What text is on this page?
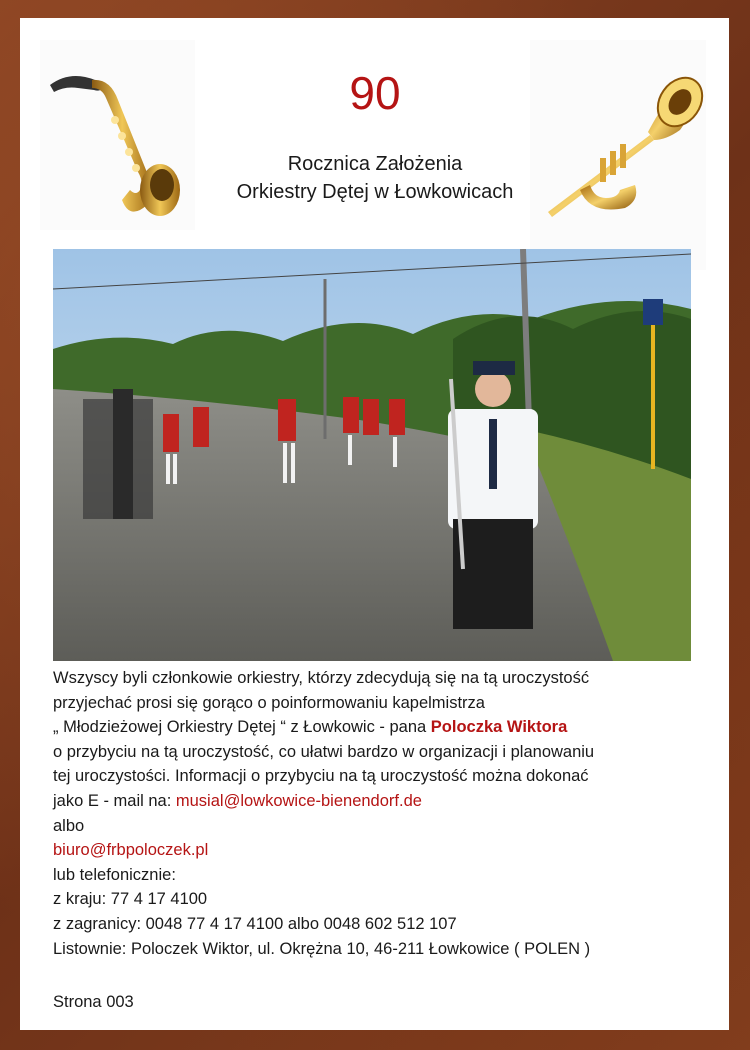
90
Rocznica Założenia
Orkiestry Dętej w Łowkowicach
Wszyscy byli członkowie orkiestry, którzy zdecydują się na tą uroczystość
przyjechać prosi się gorąco o poinformowaniu kapelmistrza
„ Młodzieżowej Orkiestry Dętej “ z Łowkowic - pana Poloczka Wiktora
o przybyciu na tą uroczystość, co ułatwi bardzo w organizacji i planowaniu
tej uroczystości. Informacji o przybyciu na tą uroczystość można dokonać
jako E - mail na: musial@lowkowice-bienendorf.de
albo
biuro@frbpoloczek.pl
lub telefonicznie:
z kraju: 77 4 17 4100
z zagranicy: 0048 77 4 17 4100 albo 0048 602 512 107
Listownie: Poloczek Wiktor, ul. Okrężna 10, 46-211 Łowkowice ( POLEN )
Strona 003
